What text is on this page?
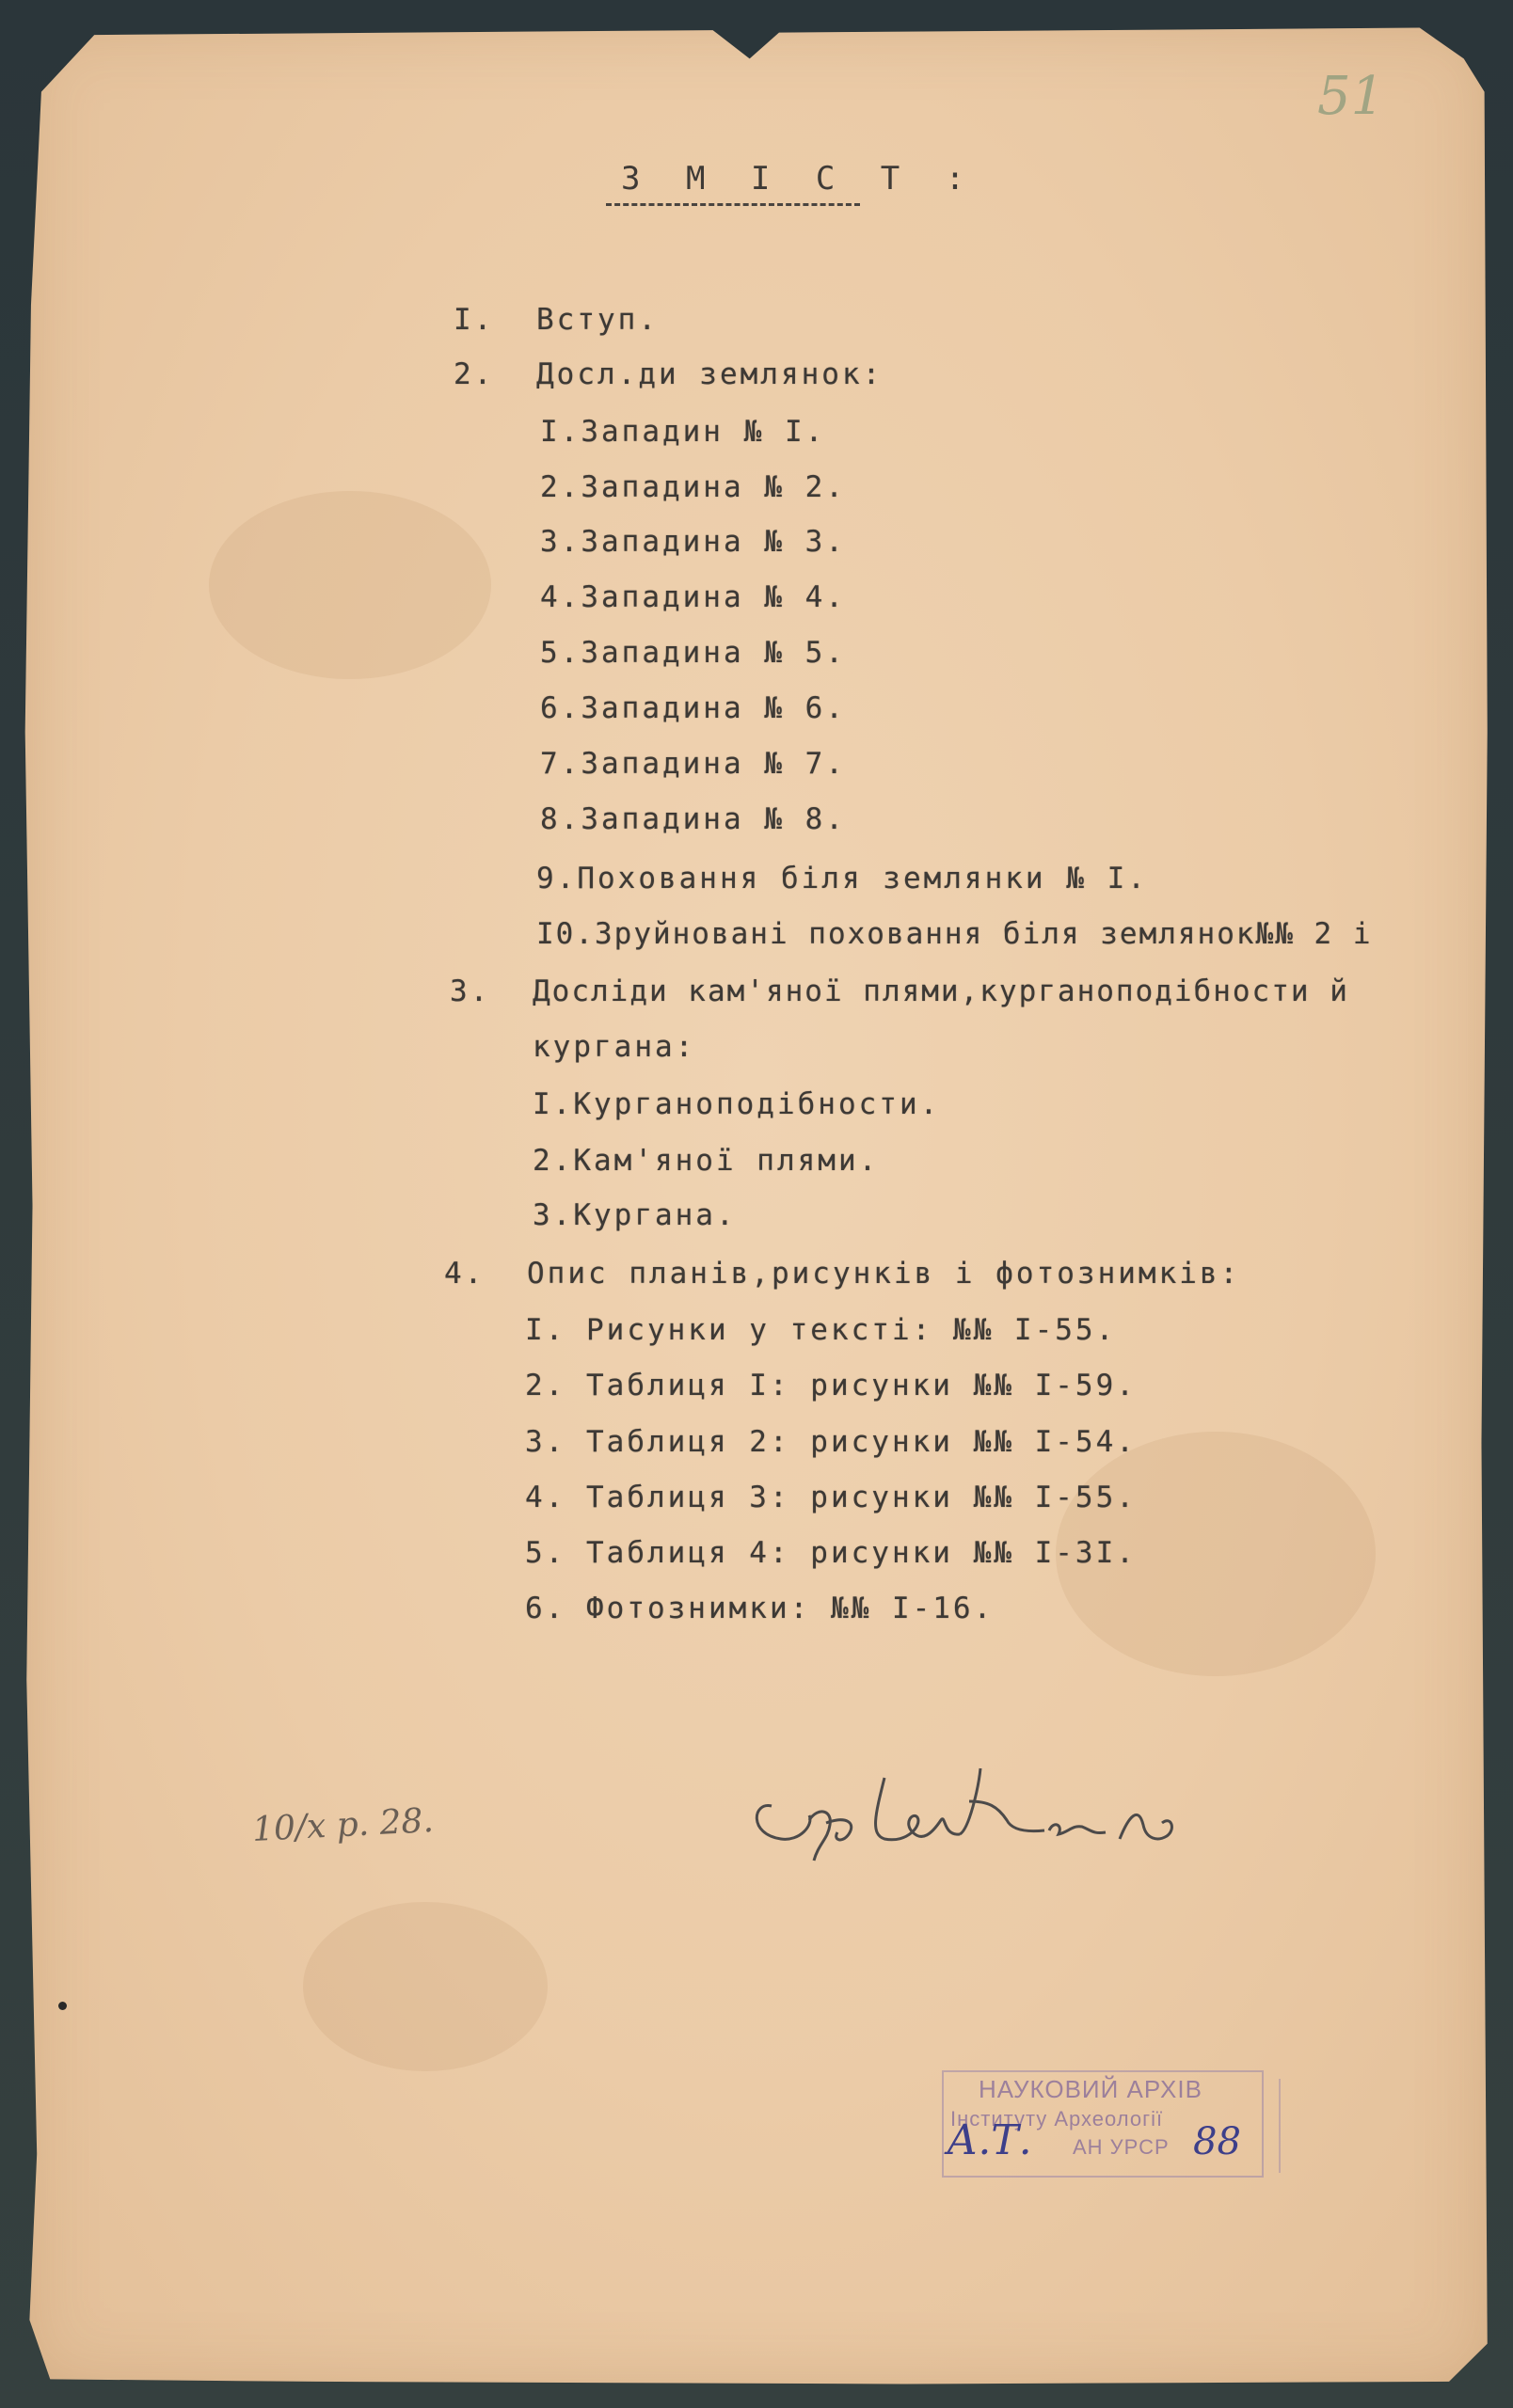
51
З М І С Т :
I. Вступ.
2. Досл.ди землянок:
I.Западин № I.
2.Западина № 2.
3.Западина № 3.
4.Западина № 4.
5.Западина № 5.
6.Западина № 6.
7.Западина № 7.
8.Западина № 8.
9.Поховання біля землянки № I.
I0.Зруйновані поховання біля землянок№№ 2 і
3. Досліди кам'яної плями,курганоподібности й
кургана:
I.Курганоподібности.
2.Кам'яної плями.
3.Кургана.
4. Опис планів,рисунків і фотознимків:
I. Рисунки у тексті: №№ I-55.
2. Таблиця I: рисунки №№ I-59.
3. Таблиця 2: рисунки №№ I-54.
4. Таблиця 3: рисунки №№ I-55.
5. Таблиця 4: рисунки №№ I-3I.
6. Фотознимки: №№ I-16.
10/x р. 28.
НАУКОВИЙ АРХІВ
Інституту Археології
АН УРСР
А.Т.	88
